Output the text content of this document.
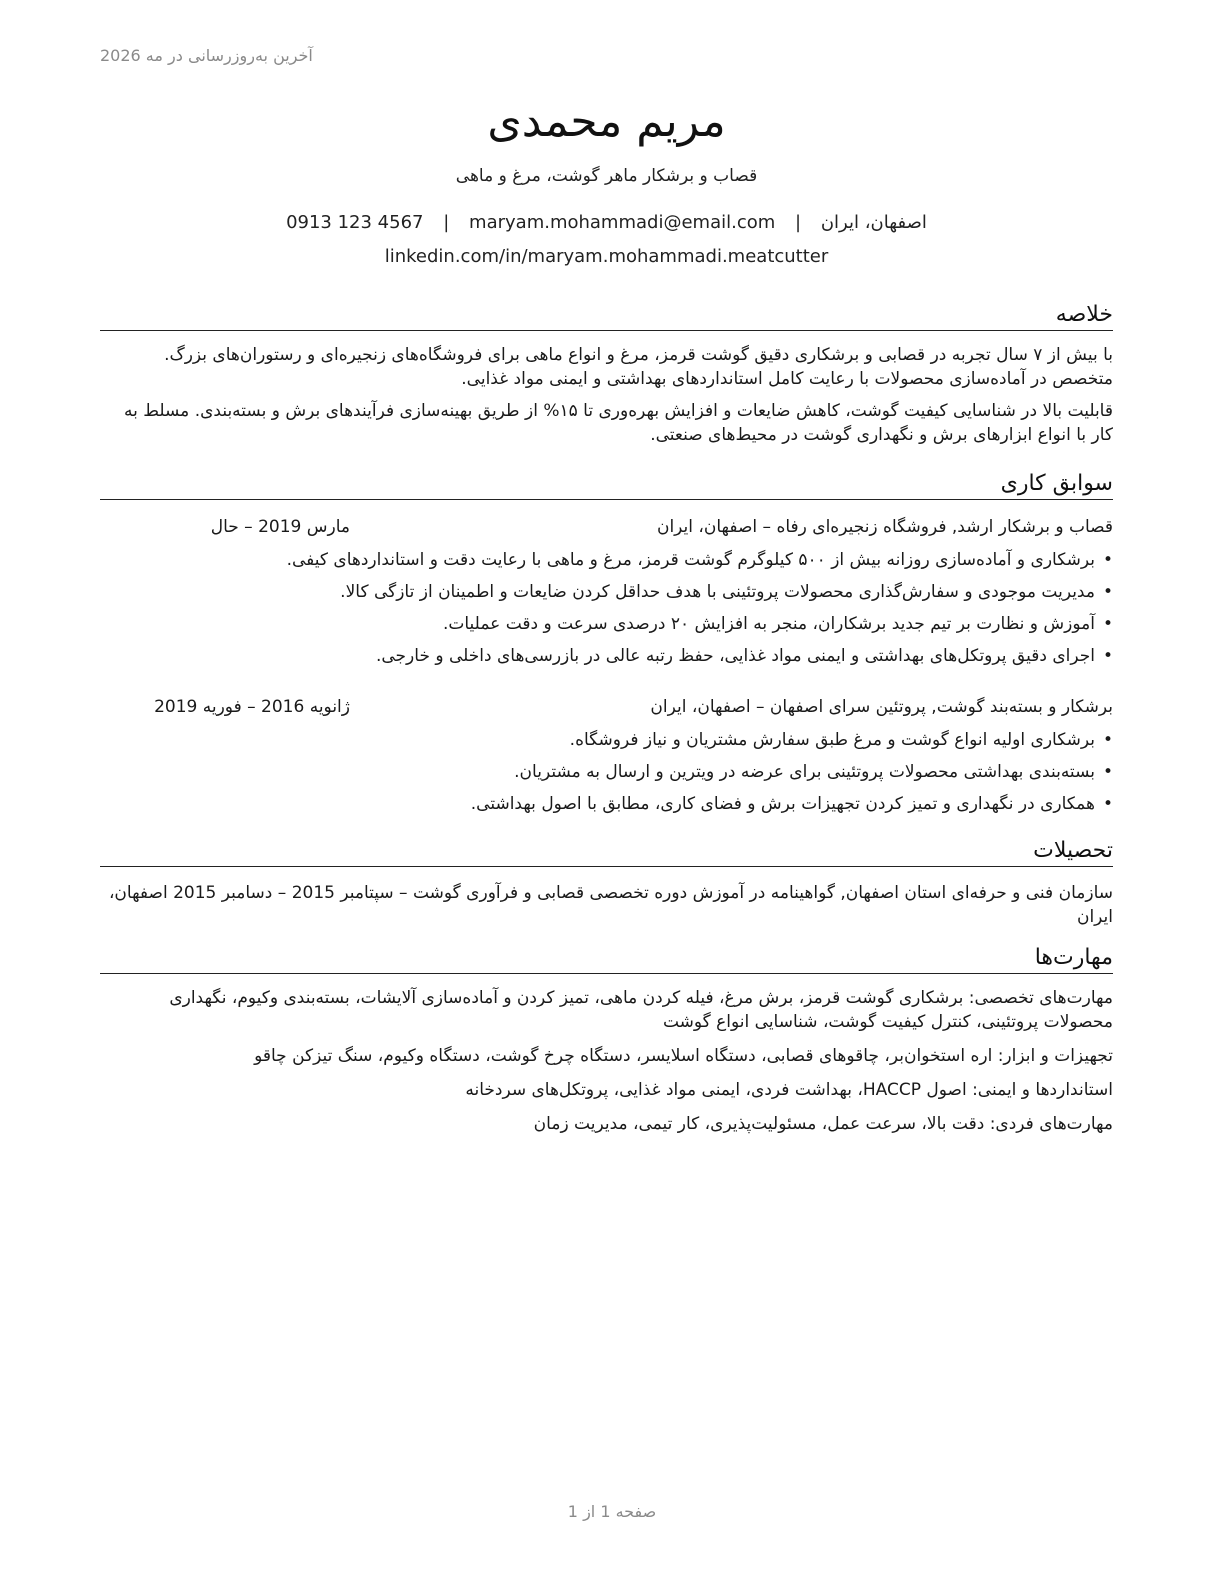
آخرین به‌روزرسانی در مه 2026
مریم محمدی
قصاب و برشکار ماهر گوشت، مرغ و ماهی
اصفهان، ایران | maryam.mohammadi@email.com | 0913 123 4567
linkedin.com/in/maryam.mohammadi.meatcutter
خلاصه
با بیش از ۷ سال تجربه در قصابی و برشکاری دقیق گوشت قرمز، مرغ و انواع ماهی برای فروشگاه‌های زنجیره‌ای و رستوران‌های بزرگ. متخصص در آماده‌سازی محصولات با رعایت کامل استانداردهای بهداشتی و ایمنی مواد غذایی.
قابلیت بالا در شناسایی کیفیت گوشت، کاهش ضایعات و افزایش بهره‌وری تا ۱۵% از طریق بهینه‌سازی فرآیندهای برش و بسته‌بندی. مسلط به کار با انواع ابزارهای برش و نگهداری گوشت در محیط‌های صنعتی.
سوابق کاری
قصاب و برشکار ارشد, فروشگاه زنجیره‌ای رفاه – اصفهان، ایران
مارس 2019 – حال
• برشکاری و آماده‌سازی روزانه بیش از ۵۰۰ کیلوگرم گوشت قرمز، مرغ و ماهی با رعایت دقت و استانداردهای کیفی.
• مدیریت موجودی و سفارش‌گذاری محصولات پروتئینی با هدف حداقل کردن ضایعات و اطمینان از تازگی کالا.
• آموزش و نظارت بر تیم جدید برشکاران، منجر به افزایش ۲۰ درصدی سرعت و دقت عملیات.
• اجرای دقیق پروتکل‌های بهداشتی و ایمنی مواد غذایی، حفظ رتبه عالی در بازرسی‌های داخلی و خارجی.
برشکار و بسته‌بند گوشت, پروتئین سرای اصفهان – اصفهان، ایران
ژانویه 2016 – فوریه 2019
• برشکاری اولیه انواع گوشت و مرغ طبق سفارش مشتریان و نیاز فروشگاه.
• بسته‌بندی بهداشتی محصولات پروتئینی برای عرضه در ویترین و ارسال به مشتریان.
• همکاری در نگهداری و تمیز کردن تجهیزات برش و فضای کاری، مطابق با اصول بهداشتی.
تحصیلات
سازمان فنی و حرفه‌ای استان اصفهان, گواهینامه در آموزش دوره تخصصی قصابی و فرآوری گوشت – سپتامبر 2015 – دسامبر 2015 اصفهان، ایران
مهارت‌ها
مهارت‌های تخصصی: برشکاری گوشت قرمز، برش مرغ، فیله کردن ماهی، تمیز کردن و آماده‌سازی آلایشات، بسته‌بندی وکیوم، نگهداری محصولات پروتئینی، کنترل کیفیت گوشت، شناسایی انواع گوشت
تجهیزات و ابزار: اره استخوان‌بر، چاقوهای قصابی، دستگاه اسلایسر، دستگاه چرخ گوشت، دستگاه وکیوم، سنگ تیزکن چاقو
استانداردها و ایمنی: اصول HACCP، بهداشت فردی، ایمنی مواد غذایی، پروتکل‌های سردخانه
مهارت‌های فردی: دقت بالا، سرعت عمل، مسئولیت‌پذیری، کار تیمی، مدیریت زمان
صفحه 1 از 1
